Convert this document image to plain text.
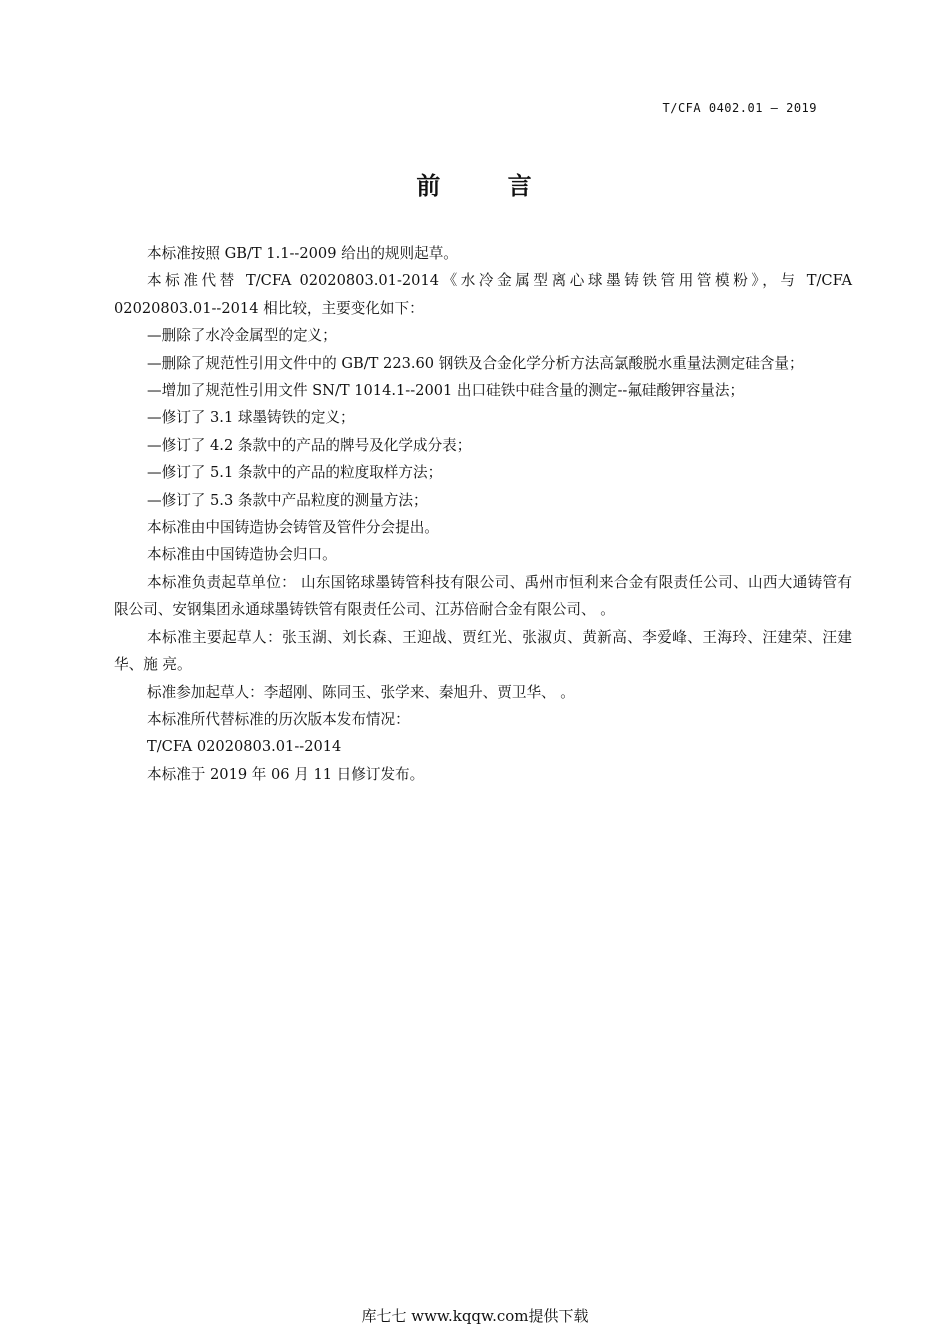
T/CFA 0402.01 — 2019
前 言

本标准按照 GB/T 1.1--2009 给出的规则起草。

本标准代替 T/CFA 02020803.01-2014《水冷金属型离心球墨铸铁管用管模粉》，与 T/CFA 02020803.01--2014 相比较，主要变化如下：

—删除了水冷金属型的定义；

—删除了规范性引用文件中的 GB/T 223.60 钢铁及合金化学分析方法高氯酸脱水重量法测定硅含量；

—增加了规范性引用文件 SN/T 1014.1--2001 出口硅铁中硅含量的测定--氟硅酸钾容量法；

—修订了 3.1 球墨铸铁的定义；

—修订了 4.2 条款中的产品的牌号及化学成分表；

—修订了 5.1 条款中的产品的粒度取样方法；

—修订了 5.3 条款中产品粒度的测量方法；

本标准由中国铸造协会铸管及管件分会提出。

本标准由中国铸造协会归口。

本标准负责起草单位： 山东国铭球墨铸管科技有限公司、禹州市恒利来合金有限责任公司、山西大通铸管有限公司、安钢集团永通球墨铸铁管有限责任公司、江苏倍耐合金有限公司、 。

本标准主要起草人：张玉湖、刘长森、王迎战、贾红光、张淑贞、黄新高、李爱峰、王海玲、汪建荣、汪建华、施 亮。

标准参加起草人：李超刚、陈同玉、张学来、秦旭升、贾卫华、 。

本标准所代替标准的历次版本发布情况：

T/CFA 02020803.01--2014

本标准于 2019 年 06 月 11 日修订发布。

库七七 www.kqqw.com提供下载
